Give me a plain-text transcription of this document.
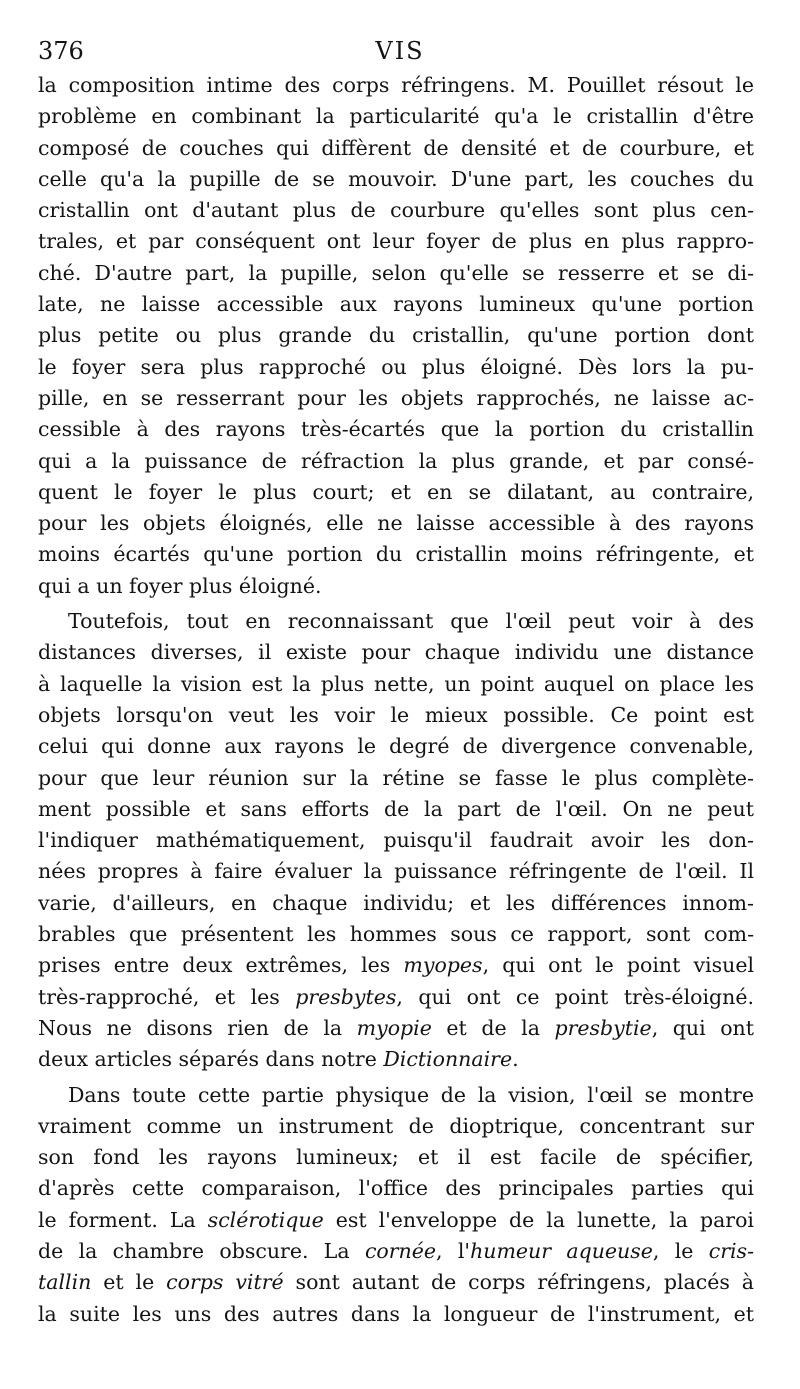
376	VIS
la composition intime des corps réfringens. M. Pouillet résout le
problème en combinant la particularité qu'a le cristallin d'être
composé de couches qui diffèrent de densité et de courbure, et
celle qu'a la pupille de se mouvoir. D'une part, les couches du
cristallin ont d'autant plus de courbure qu'elles sont plus cen-
trales, et par conséquent ont leur foyer de plus en plus rappro-
ché. D'autre part, la pupille, selon qu'elle se resserre et se di-
late, ne laisse accessible aux rayons lumineux qu'une portion
plus petite ou plus grande du cristallin, qu'une portion dont
le foyer sera plus rapproché ou plus éloigné. Dès lors la pu-
pille, en se resserrant pour les objets rapprochés, ne laisse ac-
cessible à des rayons très-écartés que la portion du cristallin
qui a la puissance de réfraction la plus grande, et par consé-
quent le foyer le plus court; et en se dilatant, au contraire,
pour les objets éloignés, elle ne laisse accessible à des rayons
moins écartés qu'une portion du cristallin moins réfringente, et
qui a un foyer plus éloigné.
Toutefois, tout en reconnaissant que l'œil peut voir à des
distances diverses, il existe pour chaque individu une distance
à laquelle la vision est la plus nette, un point auquel on place les
objets lorsqu'on veut les voir le mieux possible. Ce point est
celui qui donne aux rayons le degré de divergence convenable,
pour que leur réunion sur la rétine se fasse le plus complète-
ment possible et sans efforts de la part de l'œil. On ne peut
l'indiquer mathématiquement, puisqu'il faudrait avoir les don-
nées propres à faire évaluer la puissance réfringente de l'œil. Il
varie, d'ailleurs, en chaque individu; et les différences innom-
brables que présentent les hommes sous ce rapport, sont com-
prises entre deux extrêmes, les myopes, qui ont le point visuel
très-rapproché, et les presbytes, qui ont ce point très-éloigné.
Nous ne disons rien de la myopie et de la presbytie, qui ont
deux articles séparés dans notre Dictionnaire.
Dans toute cette partie physique de la vision, l'œil se montre
vraiment comme un instrument de dioptrique, concentrant sur
son fond les rayons lumineux; et il est facile de spécifier,
d'après cette comparaison, l'office des principales parties qui
le forment. La sclérotique est l'enveloppe de la lunette, la paroi
de la chambre obscure. La cornée, l'humeur aqueuse, le cris-
tallin et le corps vitré sont autant de corps réfringens, placés à
la suite les uns des autres dans la longueur de l'instrument, et
